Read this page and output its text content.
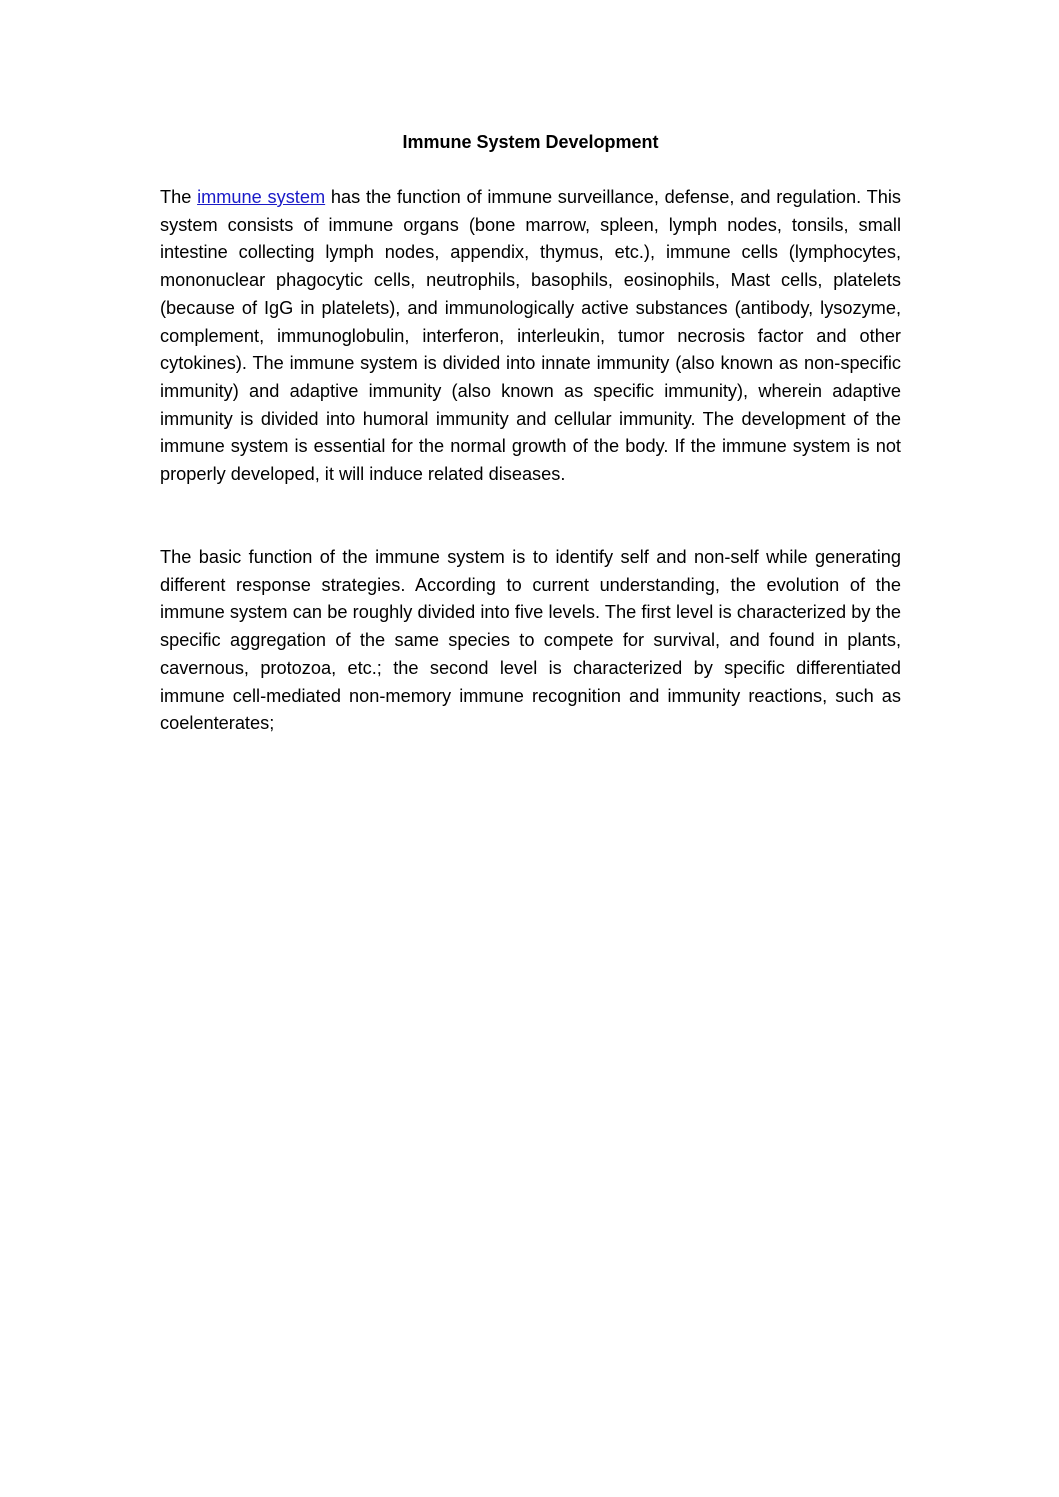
Immune System Development

The immune system has the function of immune surveillance, defense, and regulation. This system consists of immune organs (bone marrow, spleen, lymph nodes, tonsils, small intestine collecting lymph nodes, appendix, thymus, etc.), immune cells (lymphocytes, mononuclear phagocytic cells, neutrophils, basophils, eosinophils, Mast cells, platelets (because of IgG in platelets), and immunologically active substances (antibody, lysozyme, complement, immunoglobulin, interferon, interleukin, tumor necrosis factor and other cytokines). The immune system is divided into innate immunity (also known as non-specific immunity) and adaptive immunity (also known as specific immunity), wherein adaptive immunity is divided into humoral immunity and cellular immunity. The development of the immune system is essential for the normal growth of the body. If the immune system is not properly developed, it will induce related diseases.

The basic function of the immune system is to identify self and non-self while generating different response strategies. According to current understanding, the evolution of the immune system can be roughly divided into five levels. The first level is characterized by the specific aggregation of the same species to compete for survival, and found in plants, cavernous, protozoa, etc.; the second level is characterized by specific differentiated immune cell-mediated non-memory immune recognition and immunity reactions, such as coelenterates;
